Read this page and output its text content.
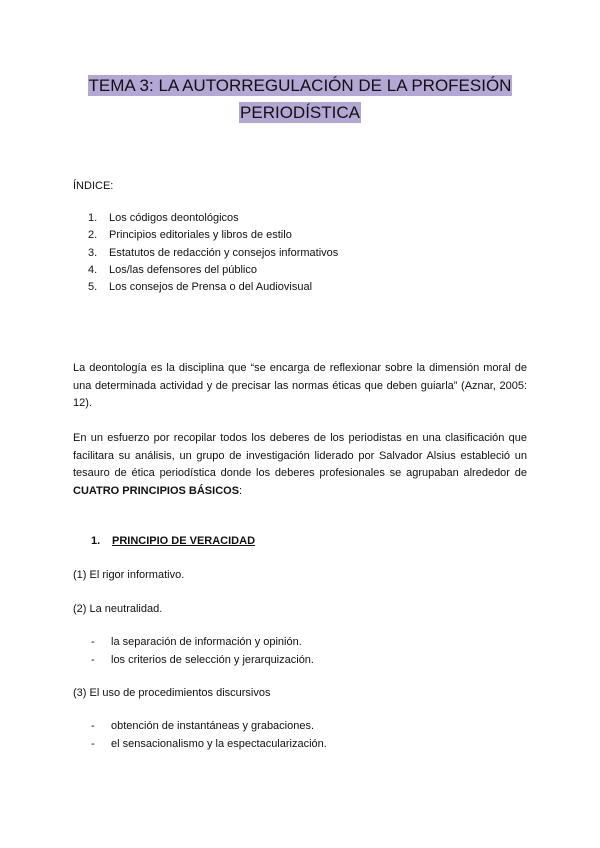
TEMA 3: LA AUTORREGULACIÓN DE LA PROFESIÓN
PERIODÍSTICA
ÍNDICE:
1. Los códigos deontológicos
2. Principios editoriales y libros de estilo
3. Estatutos de redacción y consejos informativos
4. Los/las defensores del público
5. Los consejos de Prensa o del Audiovisual

La deontología es la disciplina que “se encarga de reflexionar sobre la dimensión moral de una determinada actividad y de precisar las normas éticas que deben guiarla” (Aznar, 2005: 12).

En un esfuerzo por recopilar todos los deberes de los periodistas en una clasificación que facilitara su análisis, un grupo de investigación liderado por Salvador Alsius estableció un tesauro de ética periodística donde los deberes profesionales se agrupaban alrededor de CUATRO PRINCIPIOS BÁSICOS:

1. PRINCIPIO DE VERACIDAD
(1) El rigor informativo.
(2) La neutralidad.
- la separación de información y opinión.
- los criterios de selección y jerarquización.
(3) El uso de procedimientos discursivos
- obtención de instantáneas y grabaciones.
- el sensacionalismo y la espectacularización.
